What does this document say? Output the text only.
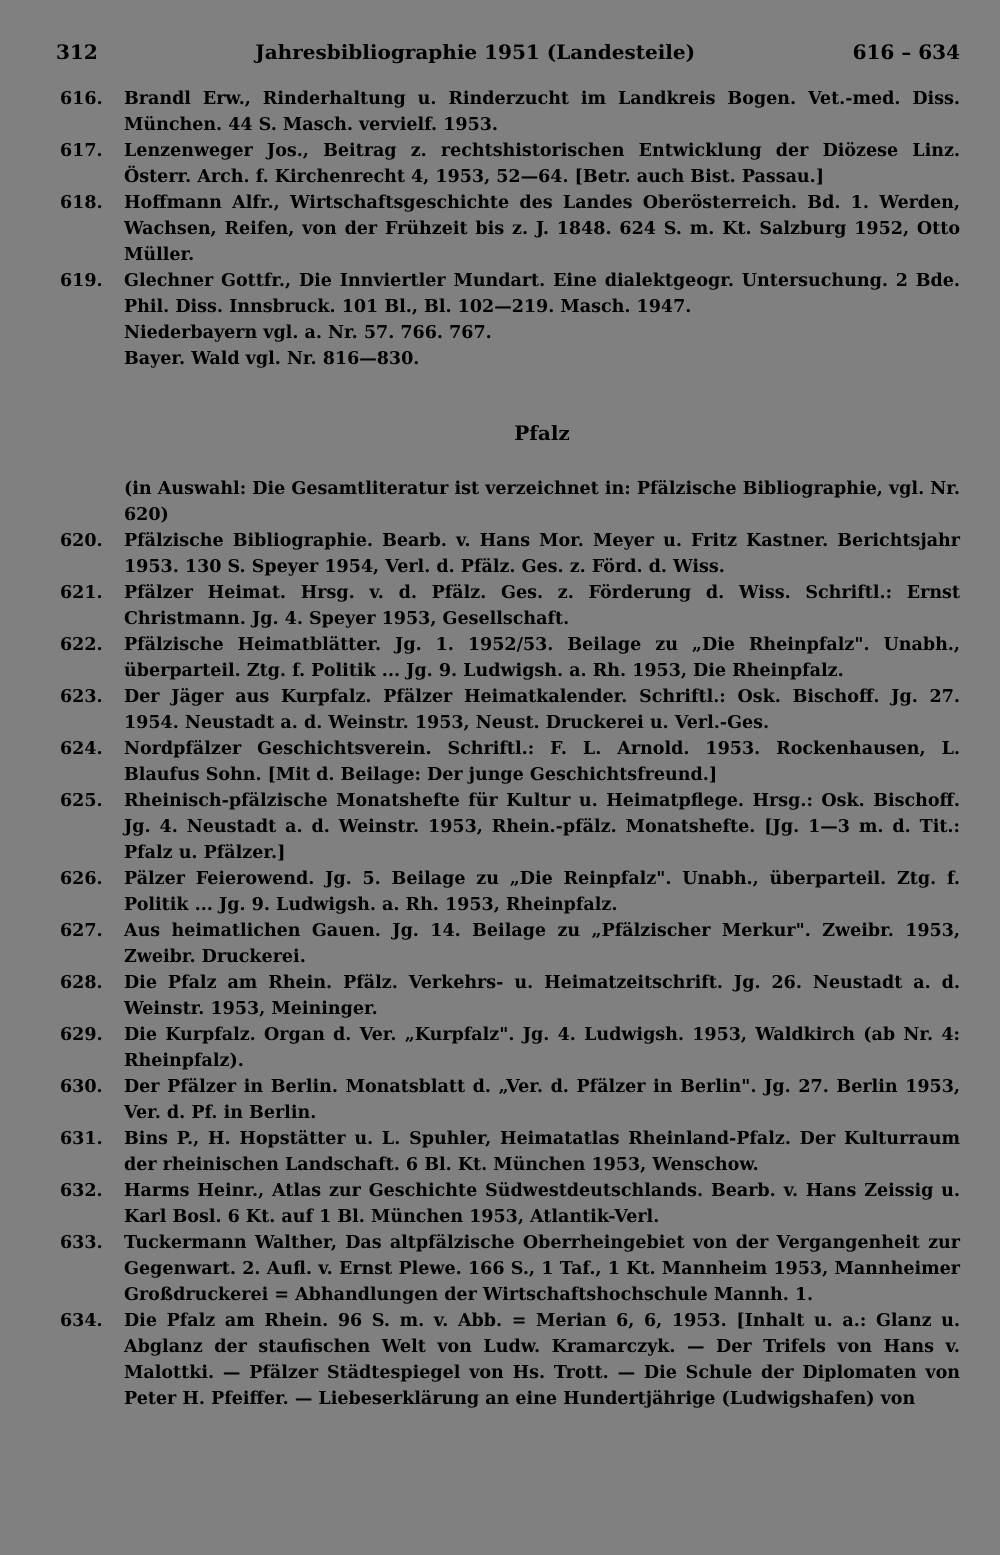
312	Jahresbibliographie 1951 (Landesteile)	616 – 634
616.	Brandl Erw., Rinderhaltung u. Rinderzucht im Landkreis Bogen. Vet.-med. Diss. München. 44 S. Masch. vervielf. 1953.
617.	Lenzenweger Jos., Beitrag z. rechtshistorischen Entwicklung der Diözese Linz. Österr. Arch. f. Kirchenrecht 4, 1953, 52—64. [Betr. auch Bist. Passau.]
618.	Hoffmann Alfr., Wirtschaftsgeschichte des Landes Oberösterreich. Bd. 1. Werden, Wachsen, Reifen, von der Frühzeit bis z. J. 1848. 624 S. m. Kt. Salzburg 1952, Otto Müller.
619.	Glechner Gottfr., Die Innviertler Mundart. Eine dialektgeogr. Untersuchung. 2 Bde. Phil. Diss. Innsbruck. 101 Bl., Bl. 102—219. Masch. 1947.
Niederbayern vgl. a. Nr. 57. 766. 767.
Bayer. Wald vgl. Nr. 816—830.
Pfalz
(in Auswahl: Die Gesamtliteratur ist verzeichnet in: Pfälzische Bibliographie, vgl. Nr. 620)
620.	Pfälzische Bibliographie. Bearb. v. Hans Mor. Meyer u. Fritz Kastner. Berichtsjahr 1953. 130 S. Speyer 1954, Verl. d. Pfälz. Ges. z. Förd. d. Wiss.
621.	Pfälzer Heimat. Hrsg. v. d. Pfälz. Ges. z. Förderung d. Wiss. Schriftl.: Ernst Christmann. Jg. 4. Speyer 1953, Gesellschaft.
622.	Pfälzische Heimatblätter. Jg. 1. 1952/53. Beilage zu „Die Rheinpfalz". Unabh., überparteil. Ztg. f. Politik ... Jg. 9. Ludwigsh. a. Rh. 1953, Die Rheinpfalz.
623.	Der Jäger aus Kurpfalz. Pfälzer Heimatkalender. Schriftl.: Osk. Bischoff. Jg. 27. 1954. Neustadt a. d. Weinstr. 1953, Neust. Druckerei u. Verl.-Ges.
624.	Nordpfälzer Geschichtsverein. Schriftl.: F. L. Arnold. 1953. Rockenhausen, L. Blaufus Sohn. [Mit d. Beilage: Der junge Geschichtsfreund.]
625.	Rheinisch-pfälzische Monatshefte für Kultur u. Heimatpflege. Hrsg.: Osk. Bischoff. Jg. 4. Neustadt a. d. Weinstr. 1953, Rhein.-pfälz. Monatshefte. [Jg. 1—3 m. d. Tit.: Pfalz u. Pfälzer.]
626.	Pälzer Feierowend. Jg. 5. Beilage zu „Die Reinpfalz". Unabh., überparteil. Ztg. f. Politik ... Jg. 9. Ludwigsh. a. Rh. 1953, Rheinpfalz.
627.	Aus heimatlichen Gauen. Jg. 14. Beilage zu „Pfälzischer Merkur". Zweibr. 1953, Zweibr. Druckerei.
628.	Die Pfalz am Rhein. Pfälz. Verkehrs- u. Heimatzeitschrift. Jg. 26. Neustadt a. d. Weinstr. 1953, Meininger.
629.	Die Kurpfalz. Organ d. Ver. „Kurpfalz". Jg. 4. Ludwigsh. 1953, Waldkirch (ab Nr. 4: Rheinpfalz).
630.	Der Pfälzer in Berlin. Monatsblatt d. „Ver. d. Pfälzer in Berlin". Jg. 27. Berlin 1953, Ver. d. Pf. in Berlin.
631.	Bins P., H. Hopstätter u. L. Spuhler, Heimatatlas Rheinland-Pfalz. Der Kulturraum der rheinischen Landschaft. 6 Bl. Kt. München 1953, Wenschow.
632.	Harms Heinr., Atlas zur Geschichte Südwestdeutschlands. Bearb. v. Hans Zeissig u. Karl Bosl. 6 Kt. auf 1 Bl. München 1953, Atlantik-Verl.
633.	Tuckermann Walther, Das altpfälzische Oberrheingebiet von der Vergangenheit zur Gegenwart. 2. Aufl. v. Ernst Plewe. 166 S., 1 Taf., 1 Kt. Mannheim 1953, Mannheimer Großdruckerei = Abhandlungen der Wirtschaftshochschule Mannh. 1.
634.	Die Pfalz am Rhein. 96 S. m. v. Abb. = Merian 6, 6, 1953. [Inhalt u. a.: Glanz u. Abglanz der staufischen Welt von Ludw. Kramarczyk. — Der Trifels von Hans v. Malottki. — Pfälzer Städtespiegel von Hs. Trott. — Die Schule der Diplomaten von Peter H. Pfeiffer. — Liebeserklärung an eine Hundertjährige (Ludwigshafen) von
